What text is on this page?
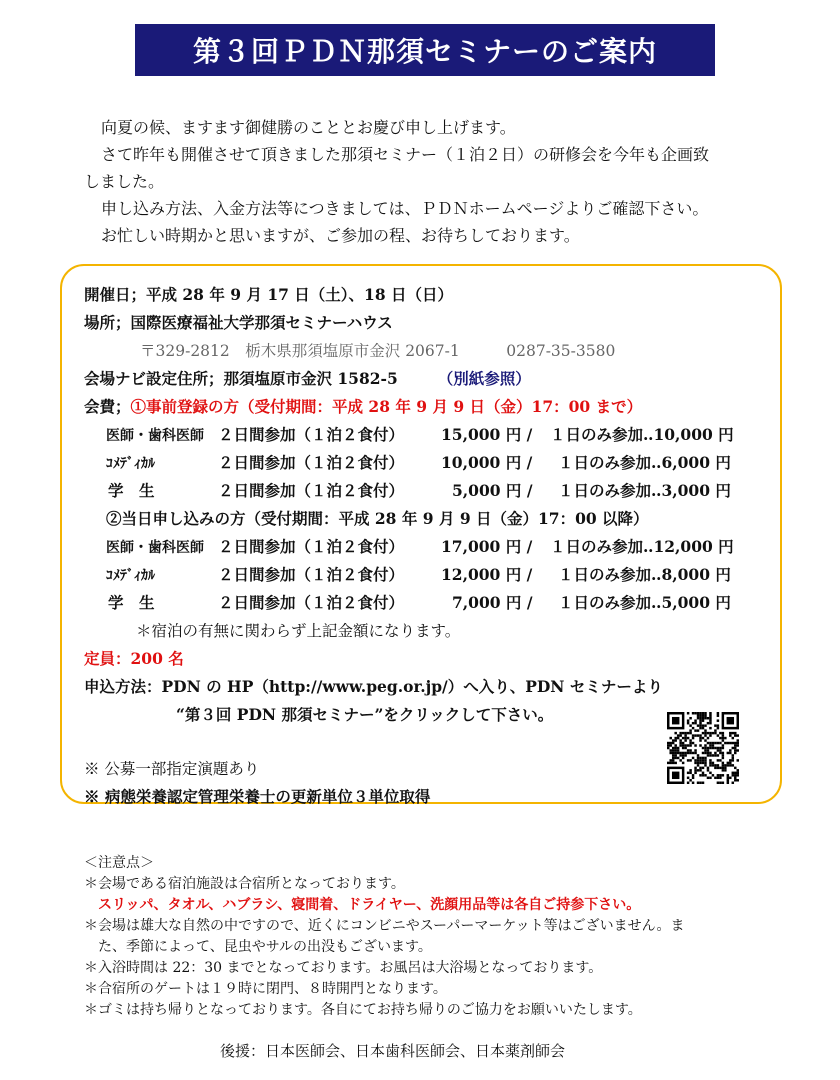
第３回ＰＤＮ那須セミナーのご案内

向夏の候、ますます御健勝のこととお慶び申し上げます。

さて昨年も開催させて頂きました那須セミナー（１泊２日）の研修会を今年も企画致

しました。

申し込み方法、入金方法等につきましては、ＰＤＮホームページよりご確認下さい。

お忙しい時期かと思いますが、ご参加の程、お待ちしております。

開催日；平成 28 年 9 月 17 日（土）、18 日（日）
場所；国際医療福祉大学那須セミナーハウス
〒329-2812　栃木県那須塩原市金沢 2067-1　　　0287-35-3580
会場ナビ設定住所；那須塩原市金沢 1582-5	（別紙参照）
会費；①事前登録の方（受付期間：平成 28 年 9 月 9 日（金）17：00 まで）
医師・歯科医師 ２日間参加（１泊２食付） 15,000 円 / １日のみ参加‥10,000 円
ｺﾒﾃﾞｨｶﾙ	２日間参加（１泊２食付） 10,000 円 / １日のみ参加‥6,000 円
学　生	２日間参加（１泊２食付）	5,000 円 / １日のみ参加‥3,000 円
②当日申し込みの方（受付期間：平成 28 年 9 月 9 日（金）17：00 以降）
医師・歯科医師 ２日間参加（１泊２食付） 17,000 円 / １日のみ参加‥12,000 円
ｺﾒﾃﾞｨｶﾙ	２日間参加（１泊２食付） 12,000 円 / １日のみ参加‥8,000 円
学　生	２日間参加（１泊２食付）	7,000 円 / １日のみ参加‥5,000 円
＊宿泊の有無に関わらず上記金額になります。
定員：200 名
申込方法：PDN の HP（http://www.peg.or.jp/）へ入り、PDN セミナーより
“第３回 PDN 那須セミナー”をクリックして下さい。
※ 公募一部指定演題あり
※ 病態栄養認定管理栄養士の更新単位３単位取得

＜注意点＞

＊会場である宿泊施設は合宿所となっております。

スリッパ、タオル、ハブラシ、寝間着、ドライヤー、洗顔用品等は各自ご持参下さい。

＊会場は雄大な自然の中ですので、近くにコンビニやスーパーマーケット等はございません。ま

た、季節によって、昆虫やサルの出没もございます。

＊入浴時間は 22：30 までとなっております。お風呂は大浴場となっております。

＊合宿所のゲートは１９時に閉門、８時開門となります。

＊ゴミは持ち帰りとなっております。各自にてお持ち帰りのご協力をお願いいたします。

後援：日本医師会、日本歯科医師会、日本薬剤師会
